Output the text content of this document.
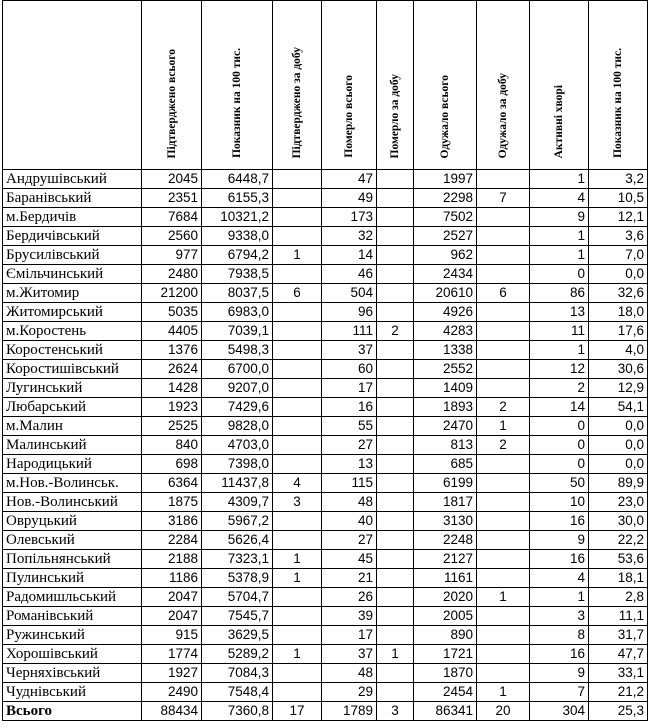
	Підтверджено всього	Показник на 100 тис.	Підтверджено за добу	Померло всього	Померло за добу	Одужало всього	Одужало за добу	Активні хворі	Показник на 100 тис.
Андрушівський	2045	6448,7		47		1997		1	3,2
Баранівський	2351	6155,3		49		2298	7	4	10,5
м.Бердичів	7684	10321,2		173		7502		9	12,1
Бердичівський	2560	9338,0		32		2527		1	3,6
Брусилівський	977	6794,2	1	14		962		1	7,0
Ємільчинський	2480	7938,5		46		2434		0	0,0
м.Житомир	21200	8037,5	6	504		20610	6	86	32,6
Житомирський	5035	6983,0		96		4926		13	18,0
м.Коростень	4405	7039,1		111	2	4283		11	17,6
Коростенський	1376	5498,3		37		1338		1	4,0
Коростишівський	2624	6700,0		60		2552		12	30,6
Лугинський	1428	9207,0		17		1409		2	12,9
Любарський	1923	7429,6		16		1893	2	14	54,1
м.Малин	2525	9828,0		55		2470	1	0	0,0
Малинський	840	4703,0		27		813	2	0	0,0
Народицький	698	7398,0		13		685		0	0,0
м.Нов.-Волинськ.	6364	11437,8	4	115		6199		50	89,9
Нов.-Волинський	1875	4309,7	3	48		1817		10	23,0
Овруцький	3186	5967,2		40		3130		16	30,0
Олевський	2284	5626,4		27		2248		9	22,2
Попільнянський	2188	7323,1	1	45		2127		16	53,6
Пулинський	1186	5378,9	1	21		1161		4	18,1
Радомишльський	2047	5704,7		26		2020	1	1	2,8
Романівський	2047	7545,7		39		2005		3	11,1
Ружинський	915	3629,5		17		890		8	31,7
Хорошівський	1774	5289,2	1	37	1	1721		16	47,7
Черняхівський	1927	7084,3		48		1870		9	33,1
Чуднівський	2490	7548,4		29		2454	1	7	21,2
Всього	88434	7360,8	17	1789	3	86341	20	304	25,3
